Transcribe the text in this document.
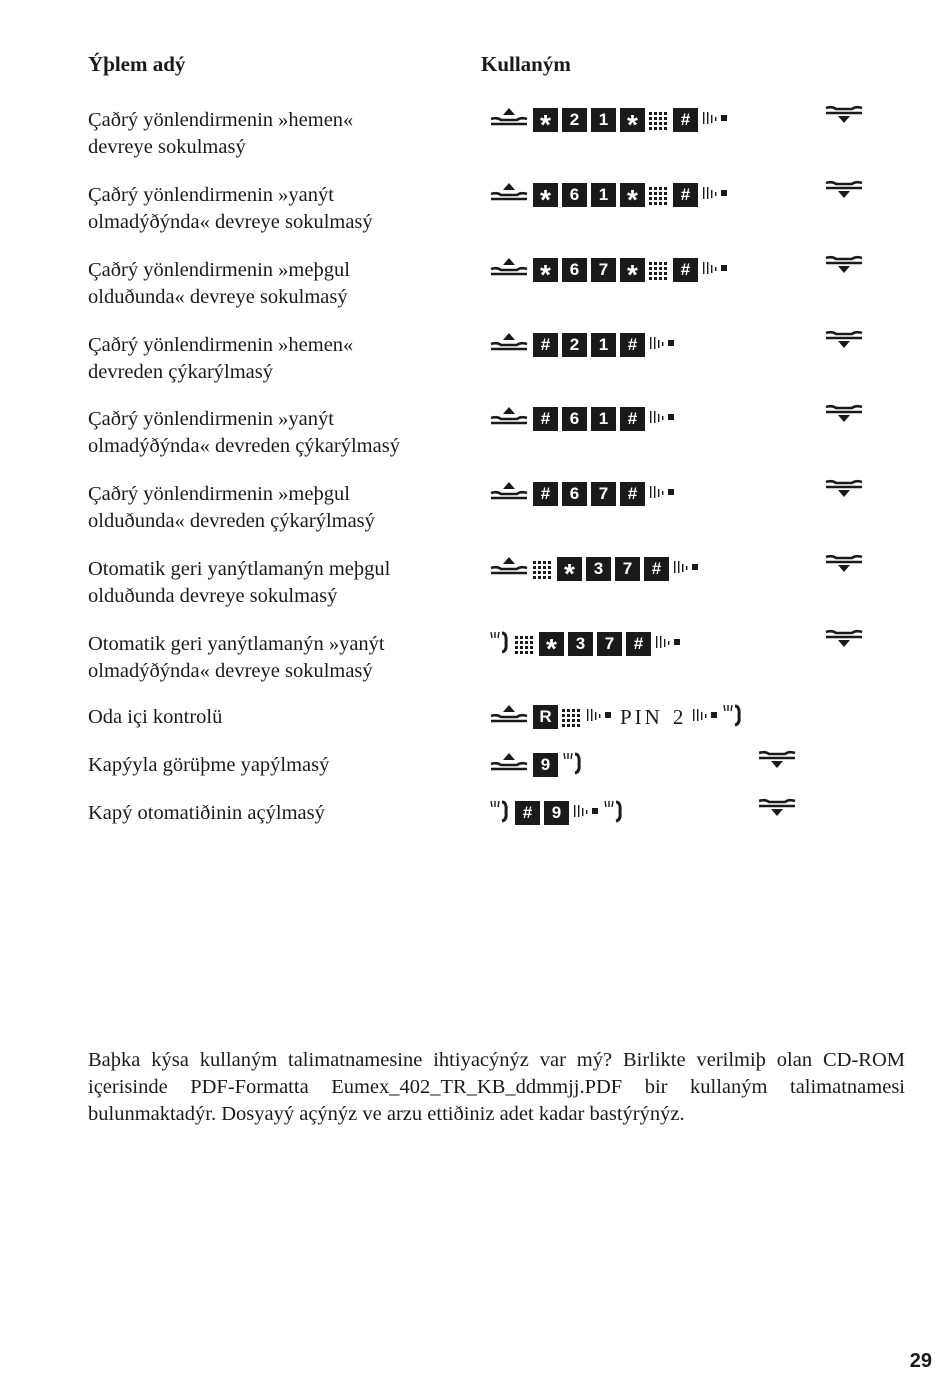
Ýþlem adý	Kullaným
Çaðrý yönlendirmenin »hemen«
devreye sokulmasý
*	2	1 *	#
Çaðrý yönlendirmenin »yanýt
olmadýðýnda« devreye sokulmasý
*	6	1 *	#
Çaðrý yönlendirmenin »meþgul
olduðunda« devreye sokulmasý
*	6	7 *	#
Çaðrý yönlendirmenin »hemen«
devreden çýkarýlmasý
#	2	1	#
Çaðrý yönlendirmenin »yanýt
olmadýðýnda« devreden çýkarýlmasý
#	6	1	#
Çaðrý yönlendirmenin »meþgul
olduðunda« devreden çýkarýlmasý
#	6	7	#
Otomatik geri yanýtlamanýn meþgul
olduðunda devreye sokulmasý
*	3	7	#
Otomatik geri yanýtlamanýn »yanýt
olmadýðýnda« devreye sokulmasý
*	3	7	#
Oda içi kontrolü	R	PIN 2
Kapýyla görüþme yapýlmasý	9
Kapý otomatiðinin açýlmasý	#	9
Baþka kýsa kullaným talimatnamesine ihtiyacýnýz var mý? Birlikte verilmiþ olan CD-ROM içerisinde PDF-Formatta Eumex_402_TR_KB_ddmmjj.PDF bir kullaným talimatnamesi bulunmaktadýr. Dosyayý açýnýz ve arzu ettiðiniz adet kadar bastýrýnýz.
29
